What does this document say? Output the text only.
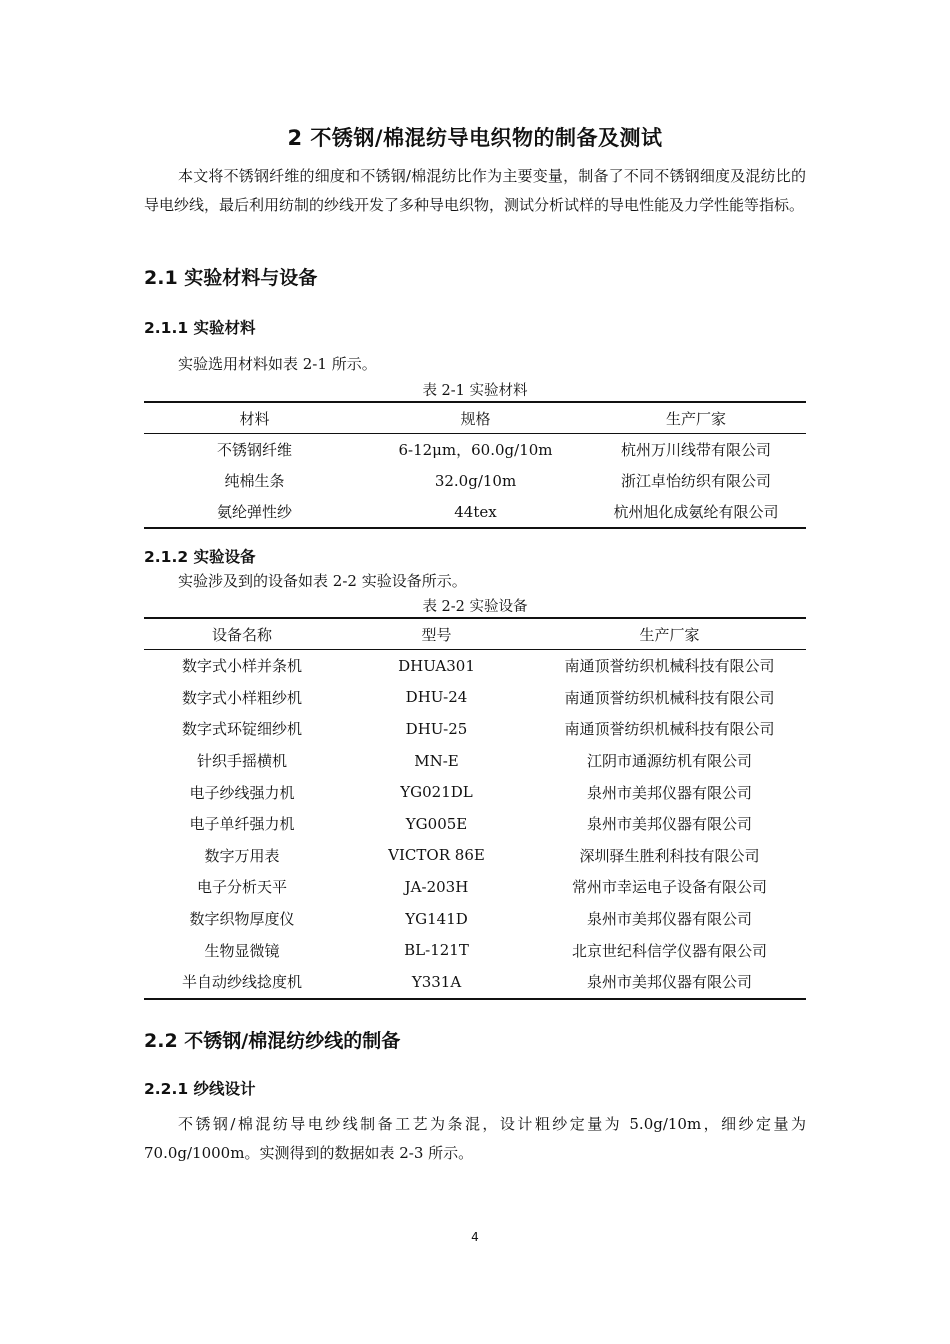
2 不锈钢/棉混纺导电织物的制备及测试
本文将不锈钢纤维的细度和不锈钢/棉混纺比作为主要变量，制备了不同不锈钢细度及混纺比的导电纱线，最后利用纺制的纱线开发了多种导电织物，测试分析试样的导电性能及力学性能等指标。
2.1 实验材料与设备
2.1.1 实验材料
实验选用材料如表 2-1 所示。
表 2-1 实验材料
材料	规格	生产厂家
不锈钢纤维	6-12μm，60.0g/10m	杭州万川线带有限公司
纯棉生条	32.0g/10m	浙江卓怡纺织有限公司
氨纶弹性纱	44tex	杭州旭化成氨纶有限公司
2.1.2 实验设备
实验涉及到的设备如表 2-2 实验设备所示。
表 2-2 实验设备
设备名称	型号	生产厂家
数字式小样并条机	DHUA301	南通顶誉纺织机械科技有限公司
数字式小样粗纱机	DHU-24	南通顶誉纺织机械科技有限公司
数字式环锭细纱机	DHU-25	南通顶誉纺织机械科技有限公司
针织手摇横机	MN-E	江阴市通源纺机有限公司
电子纱线强力机	YG021DL	泉州市美邦仪器有限公司
电子单纤强力机	YG005E	泉州市美邦仪器有限公司
数字万用表	VICTOR 86E	深圳驿生胜利科技有限公司
电子分析天平	JA-203H	常州市幸运电子设备有限公司
数字织物厚度仪	YG141D	泉州市美邦仪器有限公司
生物显微镜	BL-121T	北京世纪科信学仪器有限公司
半自动纱线捻度机	Y331A	泉州市美邦仪器有限公司
2.2 不锈钢/棉混纺纱线的制备
2.2.1 纱线设计
不锈钢/棉混纺导电纱线制备工艺为条混，设计粗纱定量为 5.0g/10m，细纱定量为70.0g/1000m。实测得到的数据如表 2-3 所示。
4
